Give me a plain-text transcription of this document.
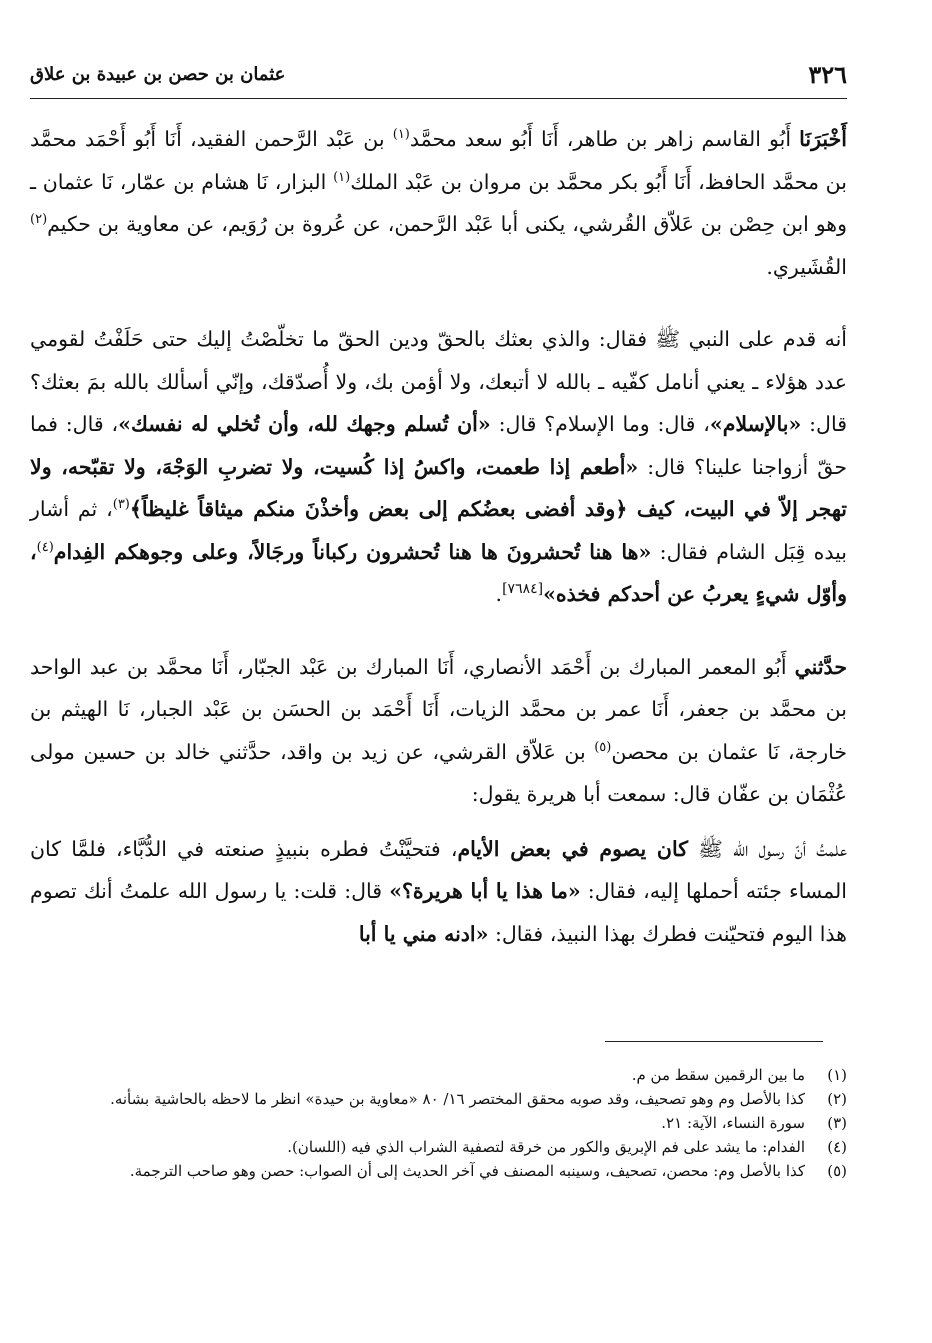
٣٢٦
عثمان بن حصن بن عبيدة بن علاق

أَخْبَرَنَا أَبُو القاسم زاهر بن طاهر، أَنَا أَبُو سعد محمَّد$^{(١)}$ بن عَبْد الرَّحمن الفقيد، أَنَا أَبُو أَحْمَد محمَّد بن محمَّد الحافظ، أَنَا أَبُو بكر محمَّد بن مروان بن عَبْد الملك$^{(١)}$ البزار، نَا هشام بن عمّار، نَا عثمان ـ وهو ابن حِصْن بن عَلاّق القُرشي، يكنى أبا عَبْد الرَّحمن، عن عُروة بن رُوَيم، عن معاوية بن حكيم$^{(٢)}$ القُشَيري.

أنه قدم على النبي ﷺ فقال: والذي بعثك بالحقّ ودين الحقّ ما تخلّصْتُ إليك حتى حَلَفْتُ لقومي عدد هؤلاء ـ يعني أنامل كفّيه ـ بالله لا أتبعك، ولا أؤمن بك، ولا أُصدّقك، وإنّي أسألك بالله بمَ بعثك؟ قال: «بالإسلام»، قال: وما الإسلام؟ قال: «أن تُسلم وجهك لله، وأن تُخلي له نفسك»، قال: فما حقّ أزواجنا علينا؟ قال: «أطعم إذا طعمت، واكسُ إذا كُسيت، ولا تضربِ الوَجْهَ، ولا تقبّحه، ولا تهجر إلاّ في البيت، كيف ﴿وقد أفضى بعضُكم إلى بعض وأخذْنَ منكم ميثاقاً غليظاً﴾$^{(٣)}$، ثم أشار بيده قِبَل الشام فقال: «ها هنا تُحشرونَ ها هنا تُحشرون ركباناً ورجَالاً، وعلى وجوهكم الفِدام$^{(٤)}$، وأوّل شيءٍ يعربُ عن أحدكم فخذه»[٧٦٨٤].

حدَّثني أَبُو المعمر المبارك بن أَحْمَد الأنصاري، أَنَا المبارك بن عَبْد الجبّار، أَنَا محمَّد بن عبد الواحد بن محمَّد بن جعفر، أَنَا عمر بن محمَّد الزيات، أَنَا أَحْمَد بن الحسَن بن عَبْد الجبار، نَا الهيثم بن خارجة، نَا عثمان بن محصن$^{(٥)}$ بن عَلاّق القرشي، عن زيد بن واقد، حدَّثني خالد بن حسين مولى عُثْمَان بن عفّان قال: سمعت أبا هريرة يقول:

علمتُ أنّ رسول الله ﷺ كان يصوم في بعض الأيام، فتحيَّنْتُ فطره بنبيذٍ صنعته في الدُّبَّاء، فلمَّا كان المساء جئته أحملها إليه، فقال: «ما هذا يا أبا هريرة؟» قال: قلت: يا رسول الله علمتُ أنك تصوم هذا اليوم فتحيّنت فطرك بهذا النبيذ، فقال: «ادنه مني يا أبا

(١)
ما بين الرقمين سقط من م.

(٢)
كذا بالأصل وم وهو تصحيف، وقد صوبه محقق المختصر ١٦/ ٨٠ «معاوية بن حيدة» انظر ما لاحظه بالحاشية بشأنه.

(٣)
سورة النساء، الآية: ٢١.

(٤)
الفدام: ما يشد على فم الإبريق والكور من خرقة لتصفية الشراب الذي فيه (اللسان).

(٥)
كذا بالأصل وم: محصن، تصحيف، وسينبه المصنف في آخر الحديث إلى أن الصواب: حصن وهو صاحب الترجمة.
